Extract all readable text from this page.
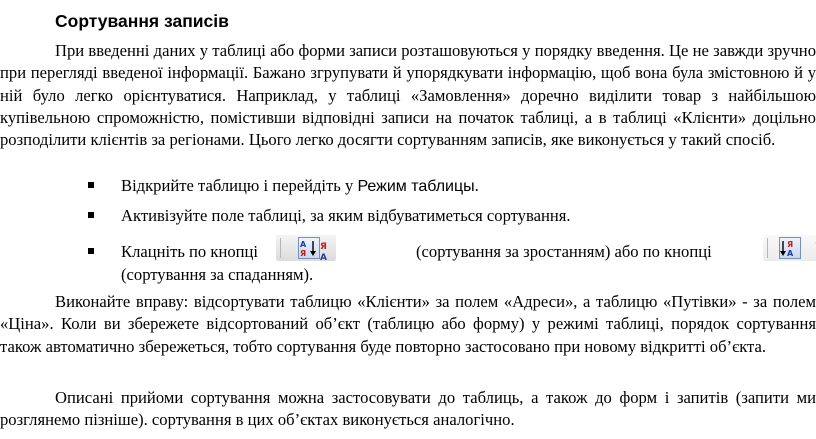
Сортування записів

При введенні даних у таблиці або форми записи розташовуються у порядку введення. Це не завжди зручно при перегляді введеної інформації. Бажано згрупувати й упорядкувати інформацію, щоб вона була змістовною й у ній було легко орієнтуватися. Наприклад, у таблиці «Замовлення» доречно виділити товар з найбільшою купівельною спроможністю, помістивши відповідні записи на початок таблиці, а в таблиці «Клієнти» доцільно розподілити клієнтів за регіонами. Цього легко досягти сортуванням записів, яке виконується у такий спосіб.

Відкрийте таблицю і перейдіть у Режим таблицы.
Активізуйте поле таблиці, за яким відбуватиметься сортування.
Клацніть по кнопці	А
Я
Я
А	(сортування за зростанням) або по кнопці	Я
А
(сортування за спаданням).

Виконайте вправу: відсортувати таблицю «Клієнти» за полем «Адреси», а таблицю «Путівки» - за полем «Ціна». Коли ви збережете відсортований об’єкт (таблицю або форму) у режимі таблиці, порядок сортування також автоматично збережеться, тобто сортування буде повторно застосовано при новому відкритті об’єкта.

Описані прийоми сортування можна застосовувати до таблиць, а також до форм і запитів (запити ми розглянемо пізніше). сортування в цих об’єктах виконується аналогічно.
